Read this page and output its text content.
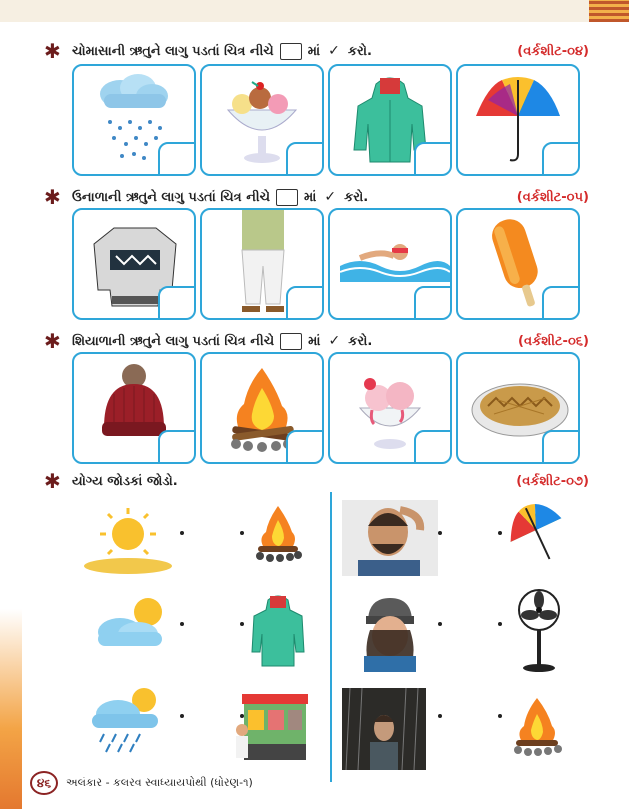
✱ ચોમાસાની ઋતુને લાગુ પડતાં ચિત્ર નીચે	માં ✓ કરો.	(વર્કશીટ-૦૪)
✱ ઉનાળાની ઋતુને લાગુ પડતાં ચિત્ર નીચે	માં ✓ કરો.	(વર્કશીટ-૦૫)
✱ શિયાળાની ઋતુને લાગુ પડતાં ચિત્ર નીચે	માં ✓ કરો.	(વર્કશીટ-૦૬)
✱ યોગ્ય જોડકાં જોડો.	(વર્કશીટ-૦૭)
૪૬	અલંકાર - કલરવ સ્વાધ્યાયપોથી (ધોરણ-૧)
